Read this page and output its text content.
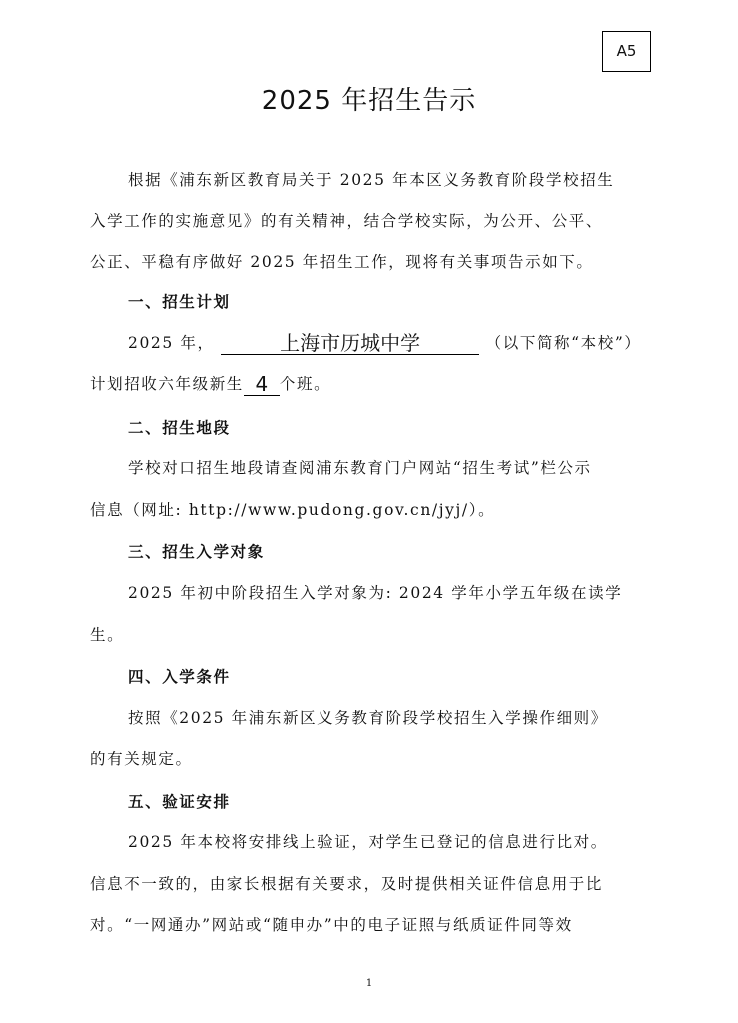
A5
2025 年招生告示
根据《浦东新区教育局关于 2025 年本区义务教育阶段学校招生
入学工作的实施意见》的有关精神，结合学校实际，为公开、公平、
公正、平稳有序做好 2025 年招生工作，现将有关事项告示如下。
一、招生计划
2025 年，	上海市历城中学	（以下简称“本校”）
计划招收六年级新生 4 个班。
二、招生地段
学校对口招生地段请查阅浦东教育门户网站“招生考试”栏公示
信息（网址: http://www.pudong.gov.cn/jyj/）。
三、招生入学对象
2025 年初中阶段招生入学对象为: 2024 学年小学五年级在读学
生。
四、入学条件
按照《2025 年浦东新区义务教育阶段学校招生入学操作细则》
的有关规定。
五、验证安排
2025 年本校将安排线上验证，对学生已登记的信息进行比对。
信息不一致的，由家长根据有关要求，及时提供相关证件信息用于比
对。“一网通办”网站或“随申办”中的电子证照与纸质证件同等效
1
